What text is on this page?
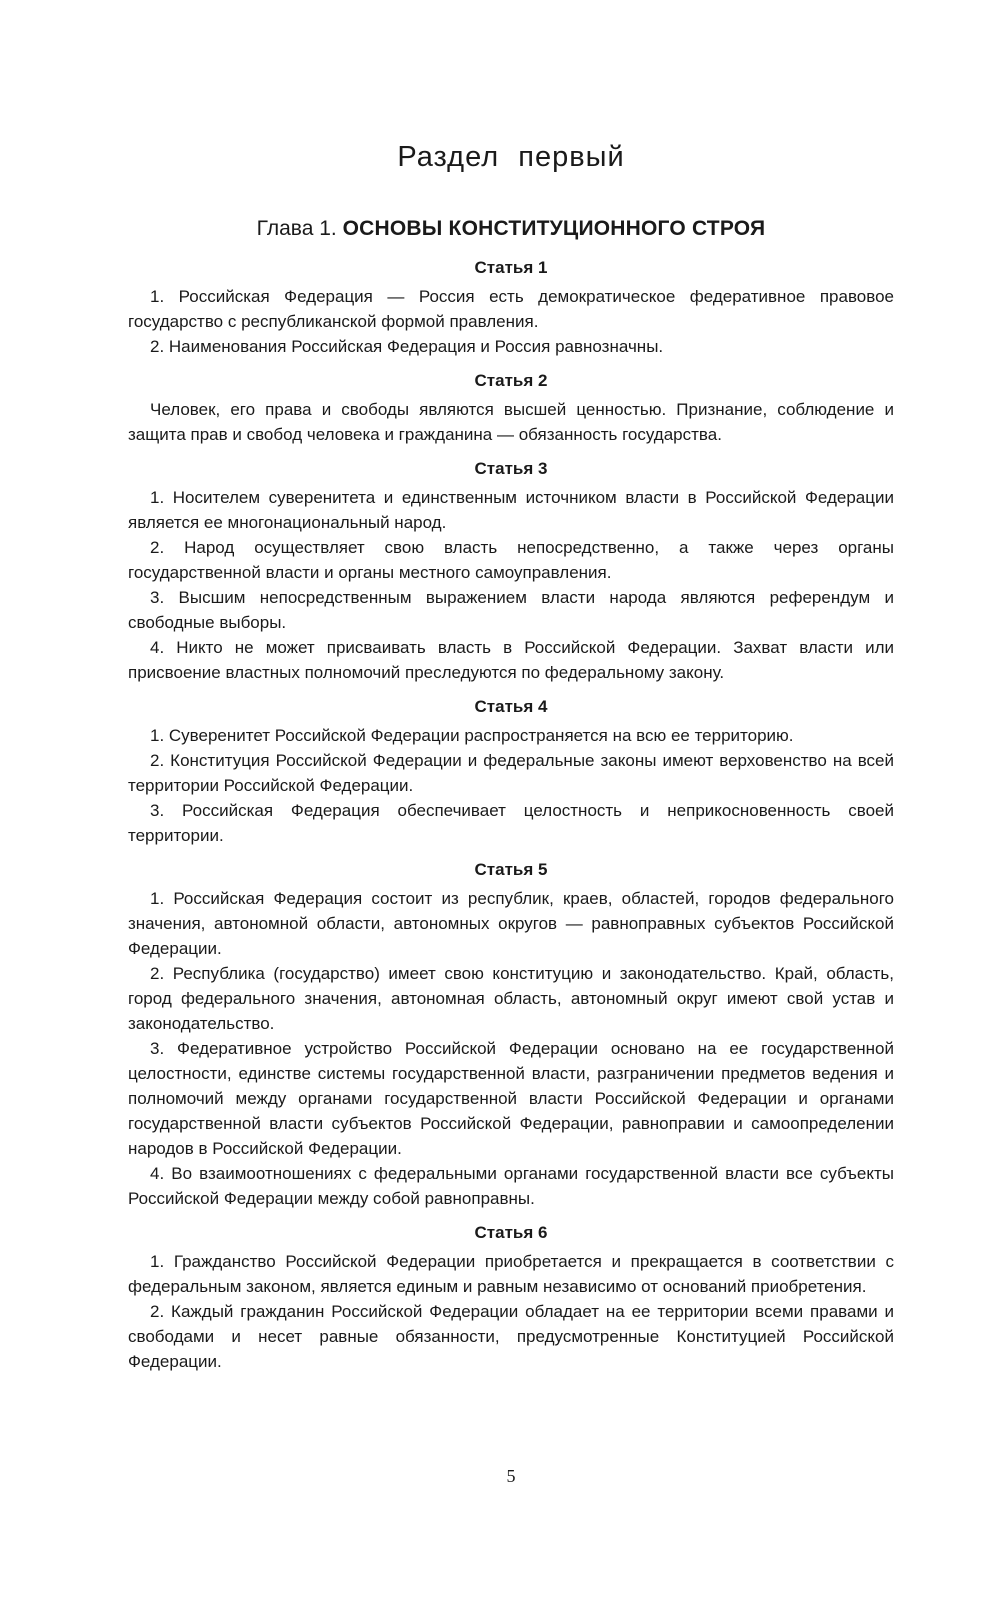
Раздел первый
Глава 1. ОСНОВЫ КОНСТИТУЦИОННОГО СТРОЯ
Статья 1

1. Российская Федерация — Россия есть демократическое федеративное правовое государство с республиканской формой правления.

2. Наименования Российская Федерация и Россия равнозначны.

Статья 2

Человек, его права и свободы являются высшей ценностью. Признание, соблюдение и защита прав и свобод человека и гражданина — обязанность государства.

Статья 3

1. Носителем суверенитета и единственным источником власти в Российской Федерации является ее многонациональный народ.

2. Народ осуществляет свою власть непосредственно, а также через органы государственной власти и органы местного самоуправления.

3. Высшим непосредственным выражением власти народа являются референдум и свободные выборы.

4. Никто не может присваивать власть в Российской Федерации. Захват власти или присвоение властных полномочий преследуются по федеральному закону.

Статья 4

1. Суверенитет Российской Федерации распространяется на всю ее территорию.

2. Конституция Российской Федерации и федеральные законы имеют верховенство на всей территории Российской Федерации.

3. Российская Федерация обеспечивает целостность и неприкосновенность своей территории.

Статья 5

1. Российская Федерация состоит из республик, краев, областей, городов федерального значения, автономной области, автономных округов — равноправных субъектов Российской Федерации.

2. Республика (государство) имеет свою конституцию и законодательство. Край, область, город федерального значения, автономная область, автономный округ имеют свой устав и законодательство.

3. Федеративное устройство Российской Федерации основано на ее государственной целостности, единстве системы государственной власти, разграничении предметов ведения и полномочий между органами государственной власти Российской Федерации и органами государственной власти субъектов Российской Федерации, равноправии и самоопределении народов в Российской Федерации.

4. Во взаимоотношениях с федеральными органами государственной власти все субъекты Российской Федерации между собой равноправны.

Статья 6

1. Гражданство Российской Федерации приобретается и прекращается в соответствии с федеральным законом, является единым и равным независимо от оснований приобретения.

2. Каждый гражданин Российской Федерации обладает на ее территории всеми правами и свободами и несет равные обязанности, предусмотренные Конституцией Российской Федерации.

5
